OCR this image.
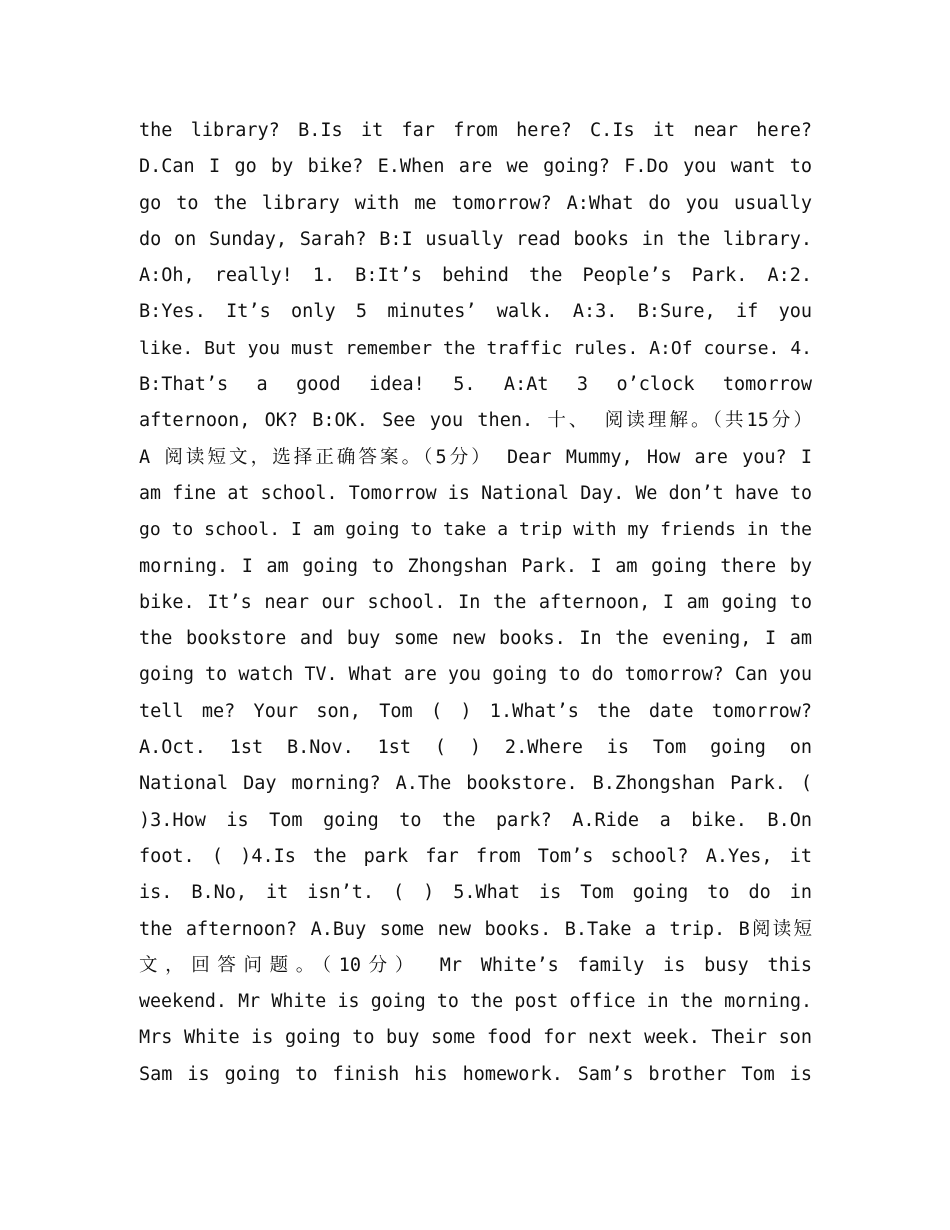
the library? B.Is it far from here? C.Is it near here?
D.Can I go by bike? E.When are we going? F.Do you want to
go to the library with me tomorrow? A:What do you usually
do on Sunday, Sarah? B:I usually read books in the library.
A:Oh, really! 1. B:It’s behind the People’s Park. A:2.
B:Yes. It’s only 5 minutes’ walk. A:3. B:Sure, if you
like. But you must remember the traffic rules. A:Of course. 4.
B:That’s a good idea! 5. A:At 3 o’clock tomorrow
afternoon, OK? B:OK. See you then. 十、 阅读理解。（共15分）
A 阅读短文，选择正确答案。（5分） Dear Mummy, How are you? I
am fine at school. Tomorrow is National Day. We don’t have to
go to school. I am going to take a trip with my friends in the
morning. I am going to Zhongshan Park. I am going there by
bike. It’s near our school. In the afternoon, I am going to
the bookstore and buy some new books. In the evening, I am
going to watch TV. What are you going to do tomorrow? Can you
tell me? Your son, Tom ( ) 1.What’s the date tomorrow?
A.Oct. 1st B.Nov. 1st ( ) 2.Where is Tom going on
National Day morning? A.The bookstore. B.Zhongshan Park. (
)3.How is Tom going to the park? A.Ride a bike. B.On
foot. ( )4.Is the park far from Tom’s school? A.Yes, it
is. B.No, it isn’t. ( ) 5.What is Tom going to do in
the afternoon? A.Buy some new books. B.Take a trip. B阅读短
文，回答问题。（10分） Mr White’s family is busy this
weekend. Mr White is going to the post office in the morning.
Mrs White is going to buy some food for next week. Their son
Sam is going to finish his homework. Sam’s brother Tom is
